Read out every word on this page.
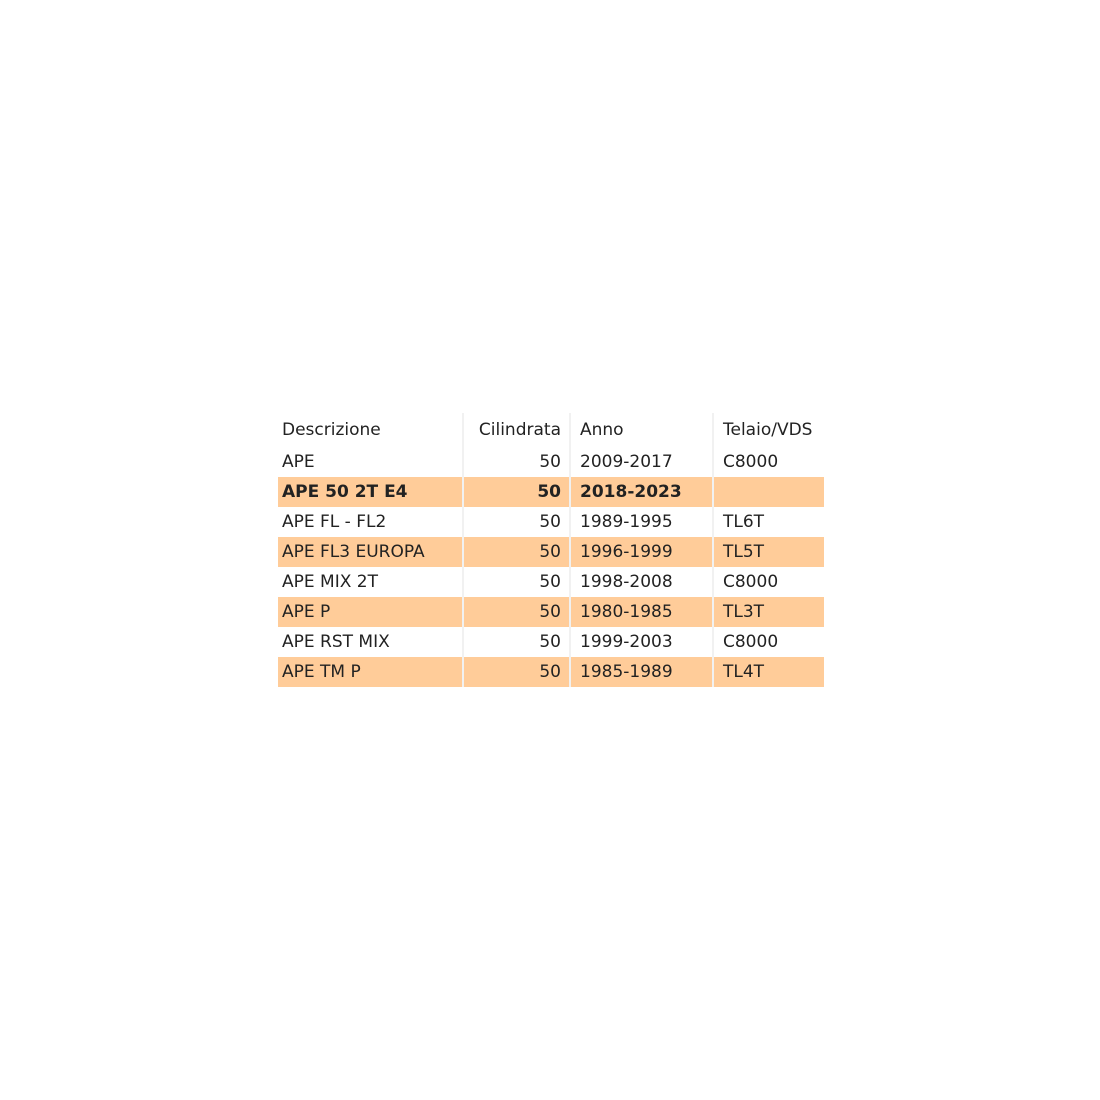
Descrizione	Cilindrata	Anno	Telaio/VDS
APE	50	2009-2017	C8000
APE 50 2T E4	50	2018-2023	
APE FL - FL2	50	1989-1995	TL6T
APE FL3 EUROPA	50	1996-1999	TL5T
APE MIX 2T	50	1998-2008	C8000
APE P	50	1980-1985	TL3T
APE RST MIX	50	1999-2003	C8000
APE TM P	50	1985-1989	TL4T
